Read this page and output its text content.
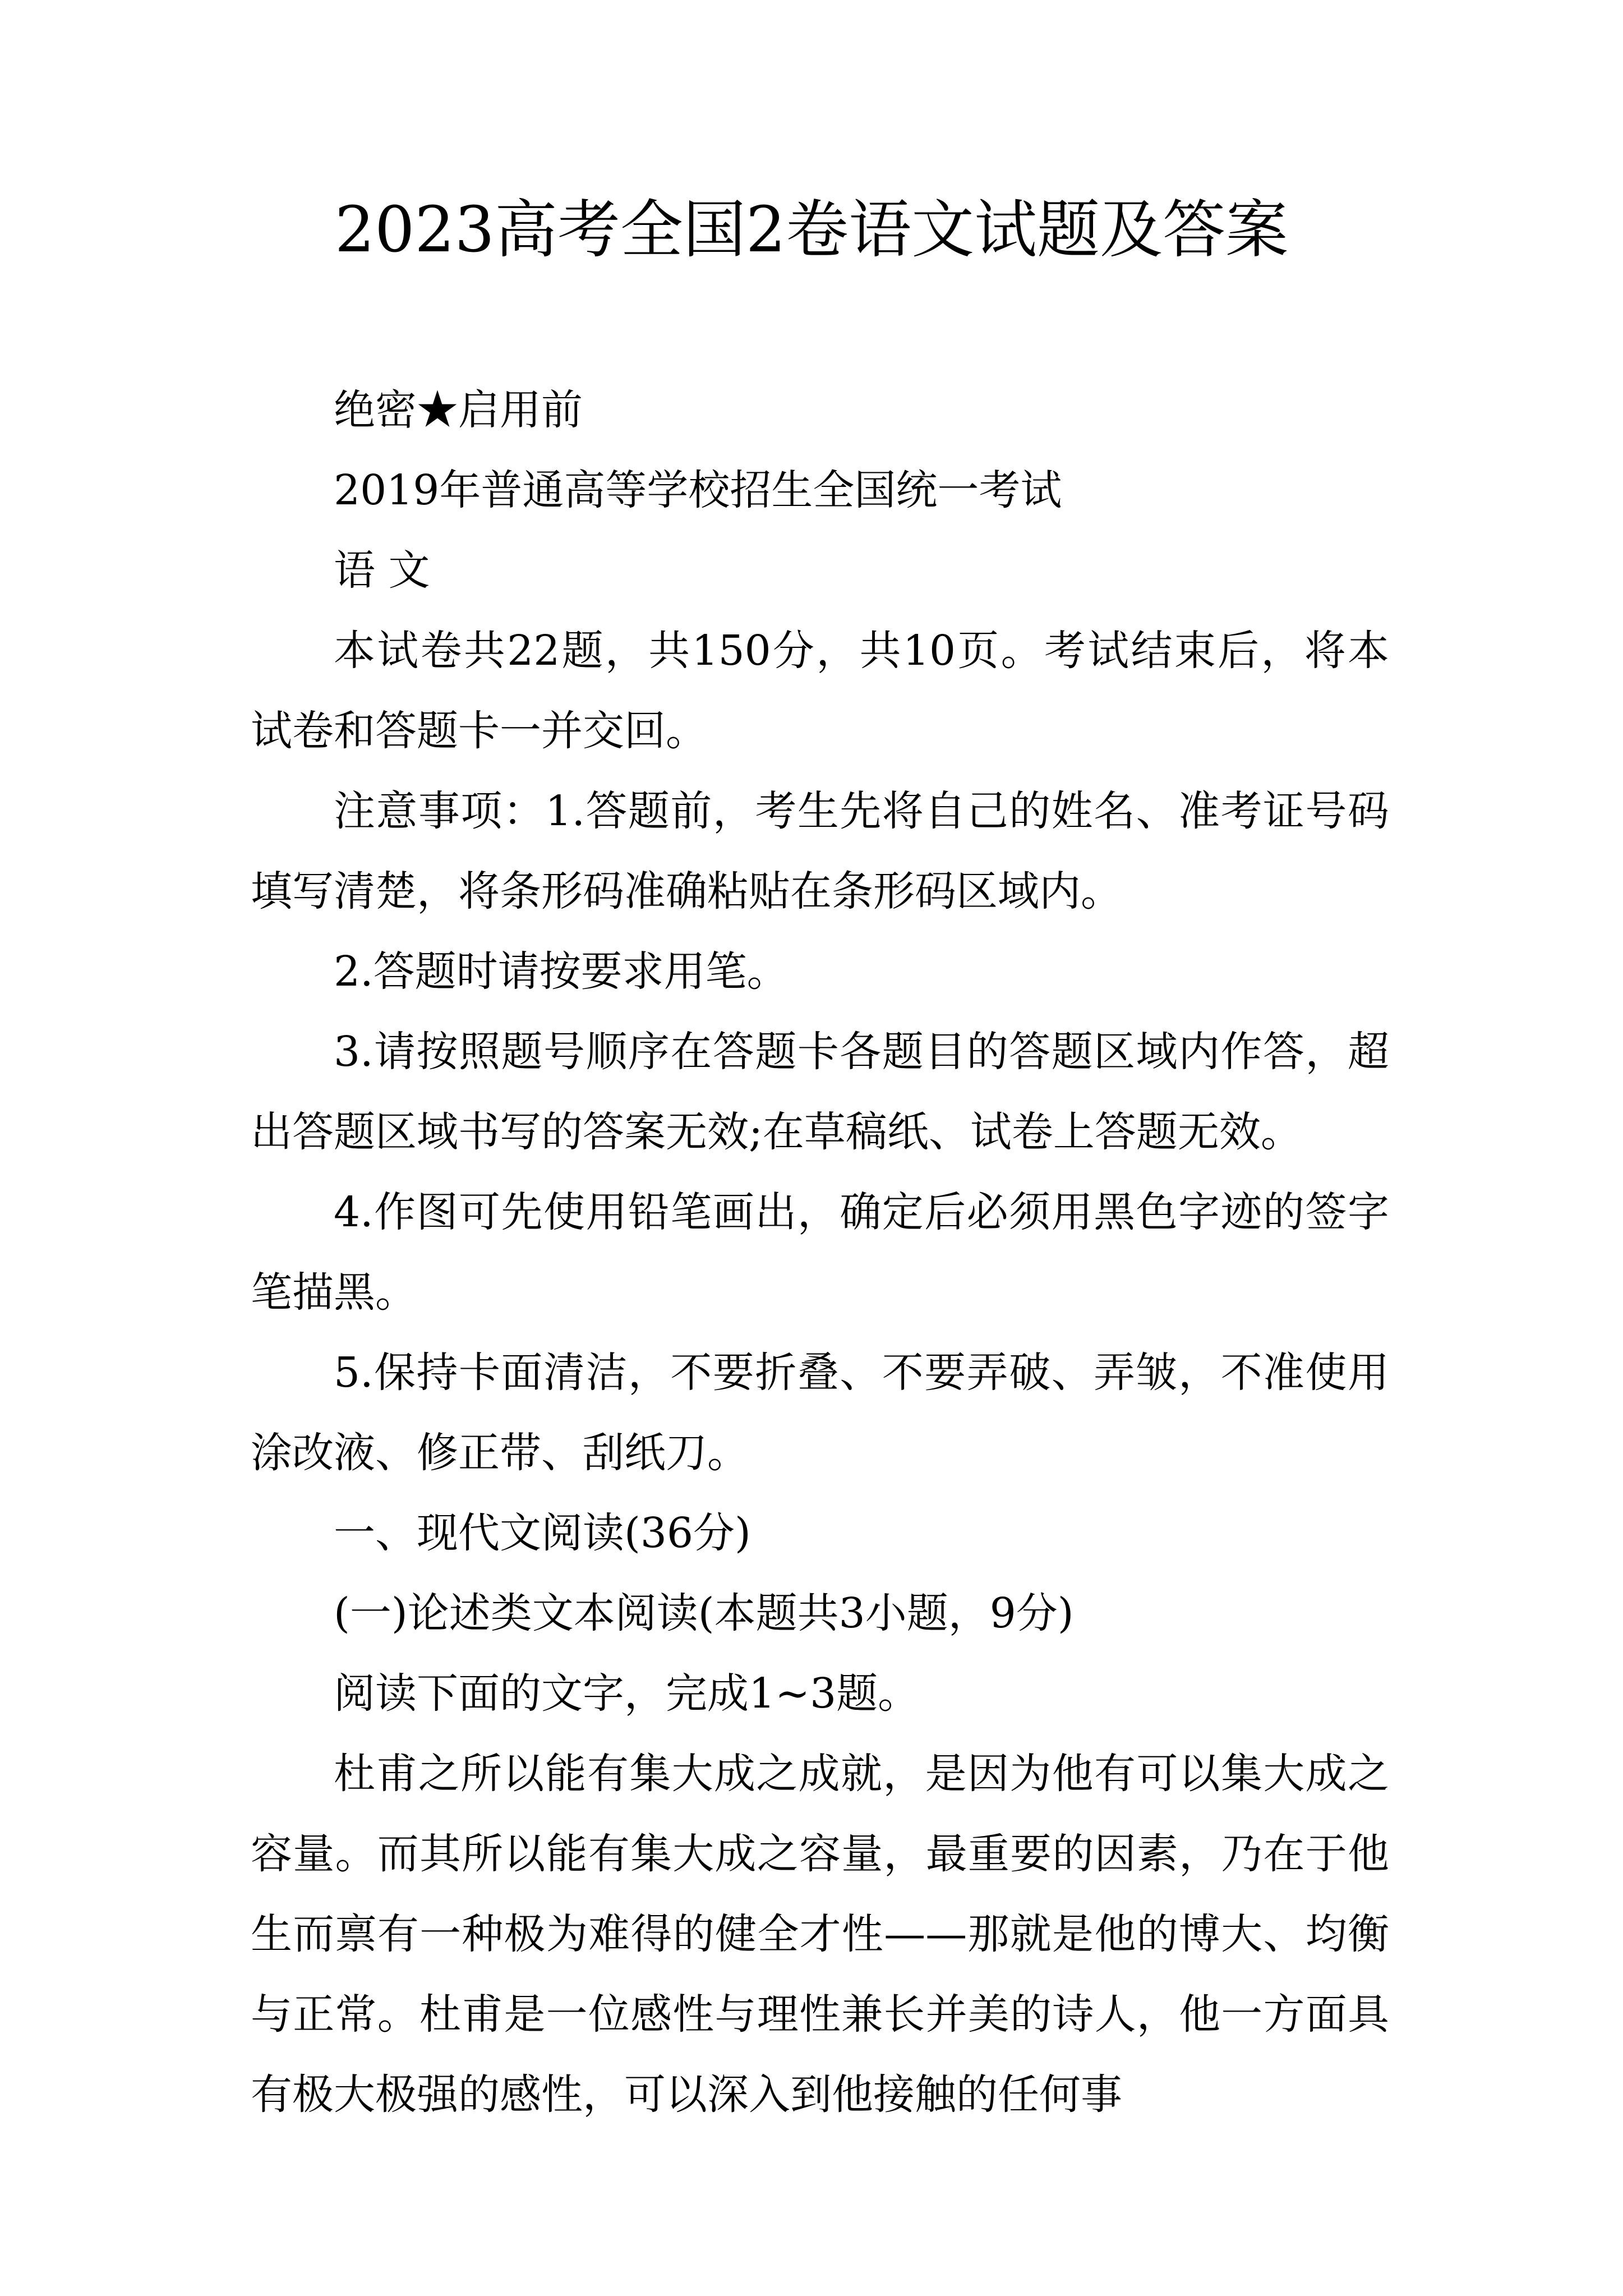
2023高考全国2卷语文试题及答案

绝密★启用前

2019年普通高等学校招生全国统一考试

语 文

本试卷共22题，共150分，共10页。考试结束后，将本试卷和答题卡一并交回。

注意事项：1.答题前，考生先将自己的姓名、准考证号码填写清楚，将条形码准确粘贴在条形码区域内。

2.答题时请按要求用笔。

3.请按照题号顺序在答题卡各题目的答题区域内作答，超出答题区域书写的答案无效;在草稿纸、试卷上答题无效。

4.作图可先使用铅笔画出，确定后必须用黑色字迹的签字笔描黑。

5.保持卡面清洁，不要折叠、不要弄破、弄皱，不准使用涂改液、修正带、刮纸刀。

一、现代文阅读(36分)

(一)论述类文本阅读(本题共3小题，9分)

阅读下面的文字，完成1~3题。

杜甫之所以能有集大成之成就，是因为他有可以集大成之容量。而其所以能有集大成之容量，最重要的因素，乃在于他生而禀有一种极为难得的健全才性——那就是他的博大、均衡与正常。杜甫是一位感性与理性兼长并美的诗人，他一方面具有极大极强的感性，可以深入到他接触的任何事
